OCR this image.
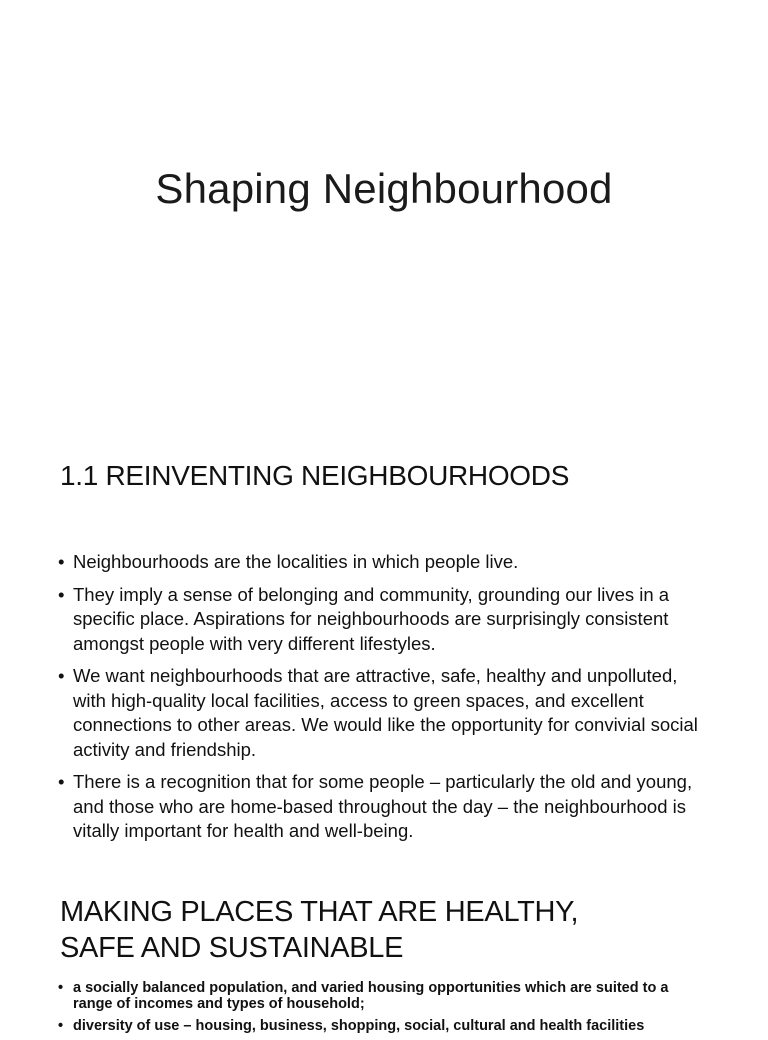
Shaping Neighbourhood
1.1 REINVENTING NEIGHBOURHOODS
• Neighbourhoods are the localities in which people live.
• They imply a sense of belonging and community, grounding our lives in a specific place. Aspirations for neighbourhoods are surprisingly consistent amongst people with very different lifestyles.
• We want neighbourhoods that are attractive, safe, healthy and unpolluted, with high-quality local facilities, access to green spaces, and excellent connections to other areas. We would like the opportunity for convivial social activity and friendship.
• There is a recognition that for some people – particularly the old and young, and those who are home-based throughout the day – the neighbourhood is vitally important for health and well-being.
MAKING PLACES THAT ARE HEALTHY, SAFE AND SUSTAINABLE
• a socially balanced population, and varied housing opportunities which are suited to a range of incomes and types of household;
• diversity of use – housing, business, shopping, social, cultural and health facilities
